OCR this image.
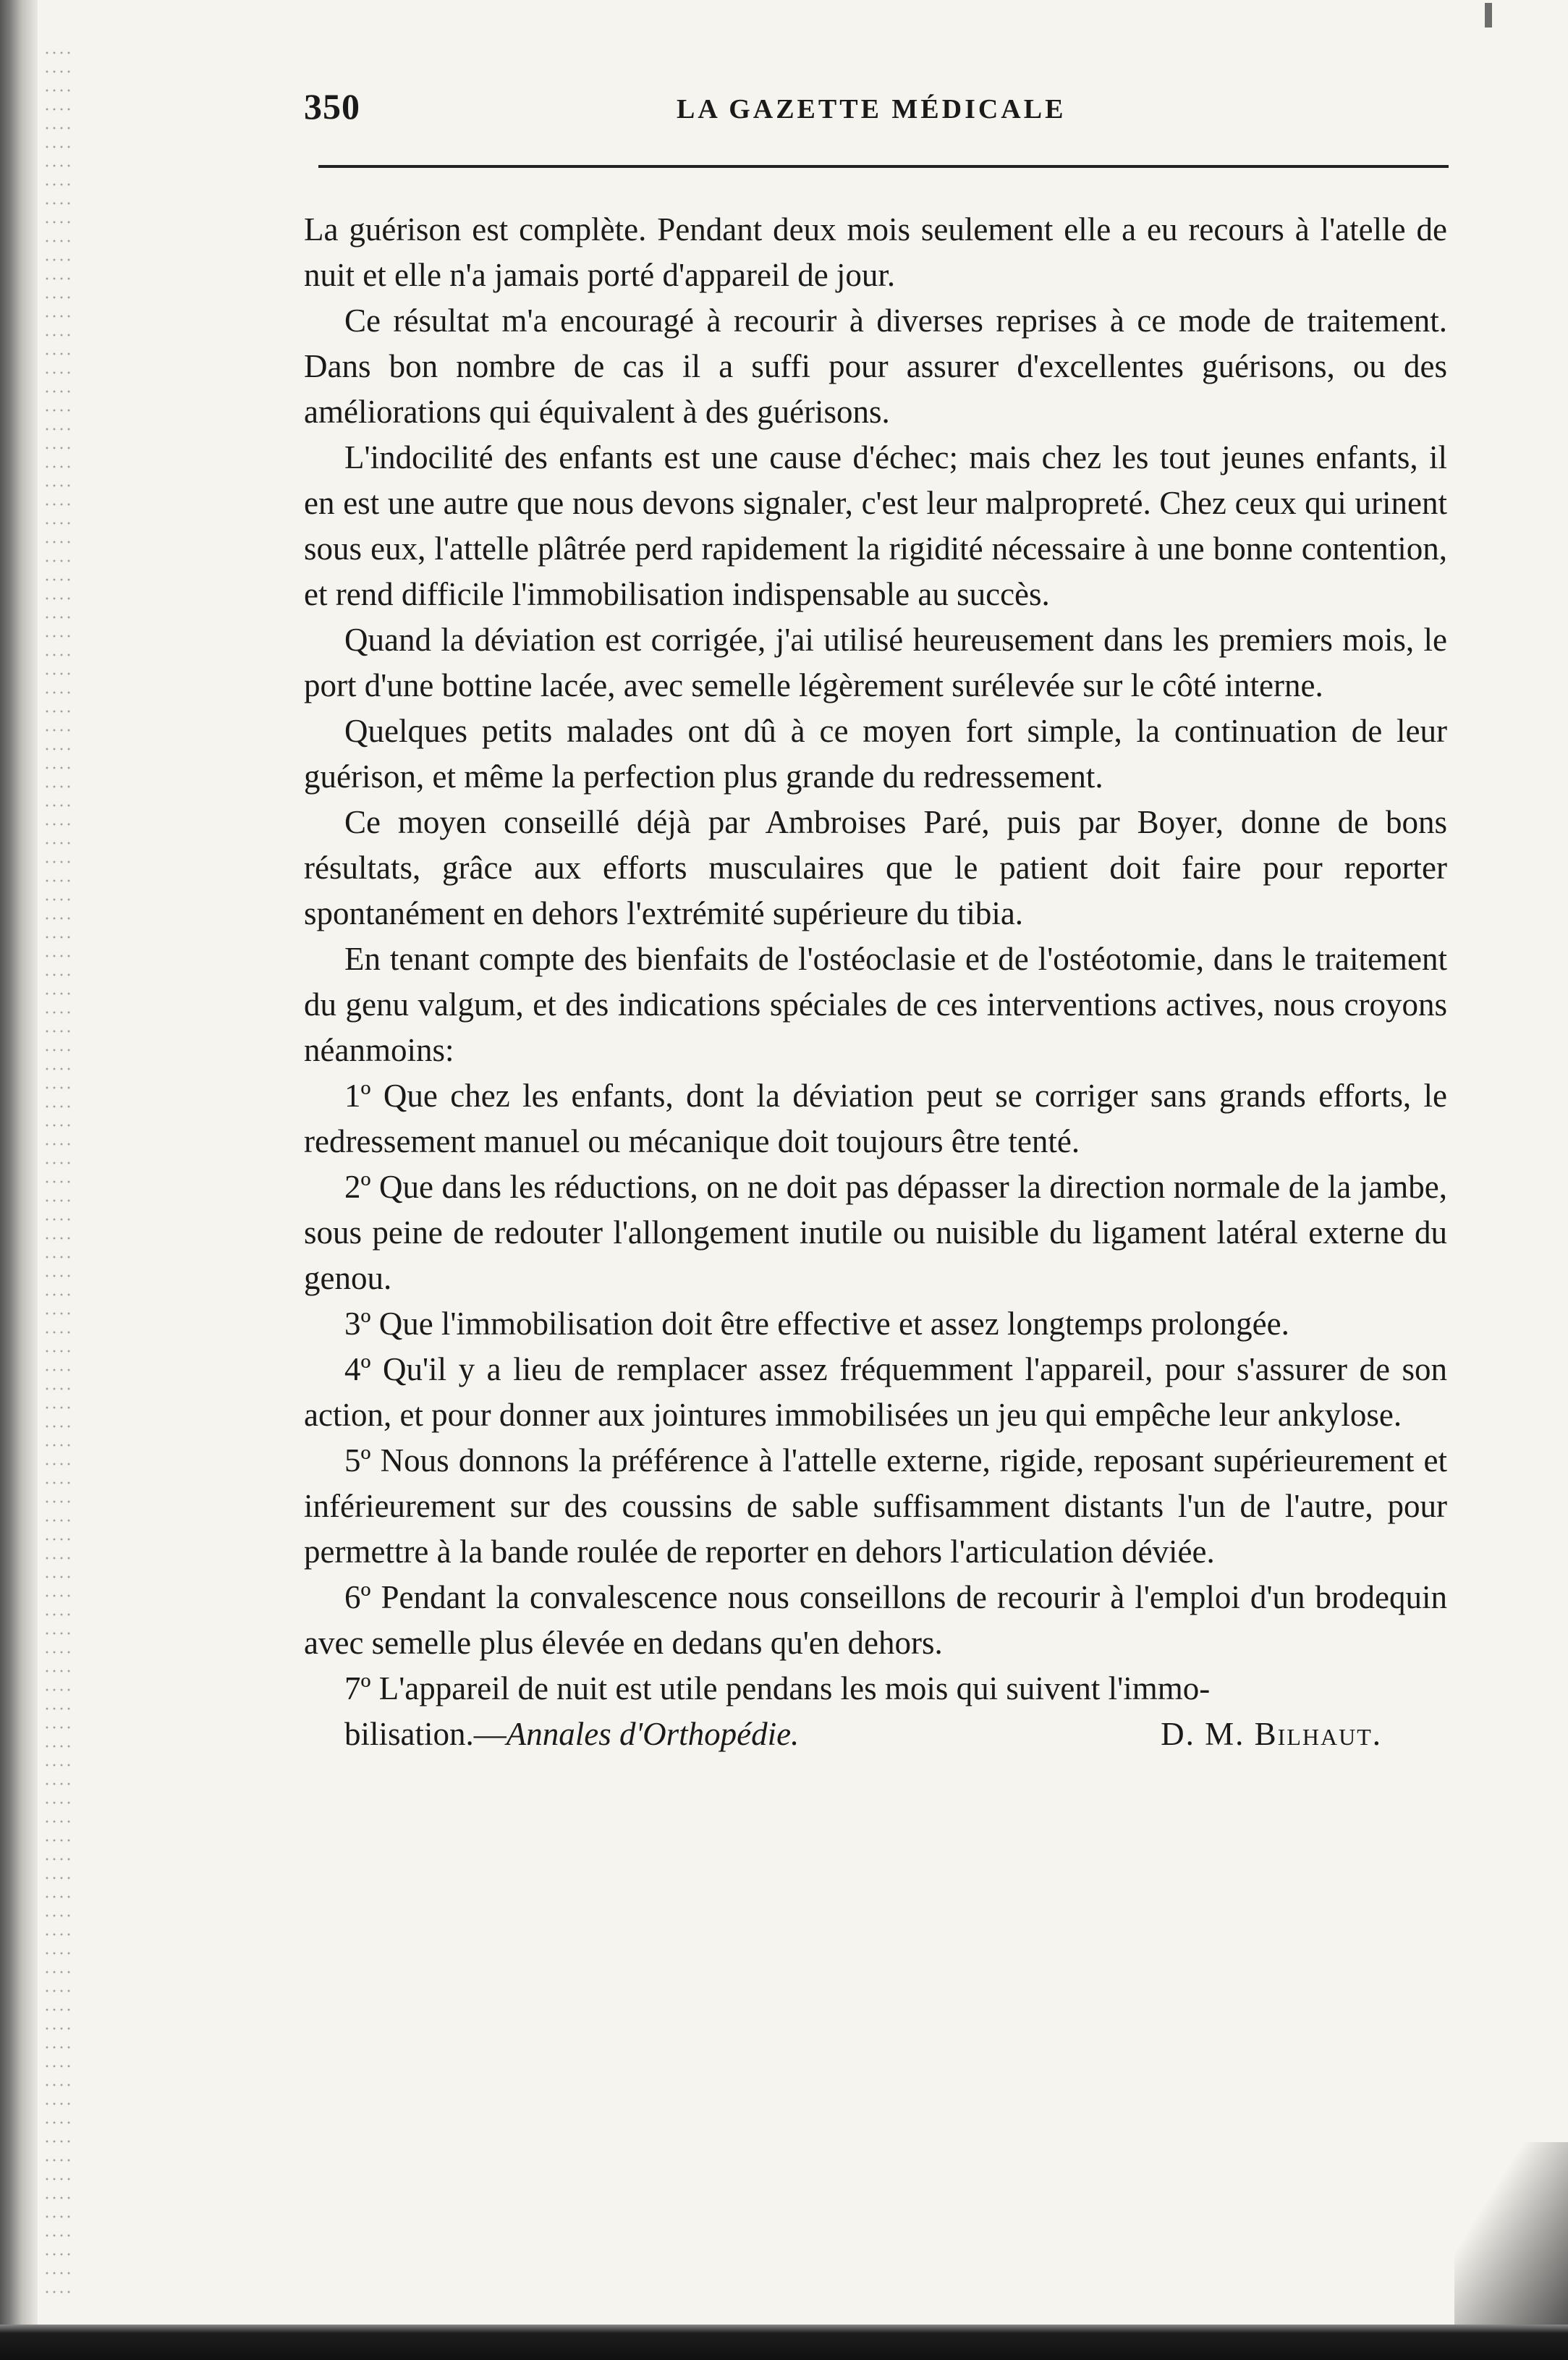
350	LA GAZETTE MÉDICALE

La guérison est complète. Pendant deux mois seulement elle a eu recours à l'atelle de nuit et elle n'a jamais porté d'appareil de jour.

Ce résultat m'a encouragé à recourir à diverses reprises à ce mode de traitement. Dans bon nombre de cas il a suffi pour assurer d'excellentes guérisons, ou des améliorations qui équivalent à des guérisons.

L'indocilité des enfants est une cause d'échec; mais chez les tout jeunes enfants, il en est une autre que nous devons signaler, c'est leur malpropreté. Chez ceux qui urinent sous eux, l'attelle plâtrée perd rapidement la rigidité nécessaire à une bonne contention, et rend difficile l'immobilisation indispensable au succès.

Quand la déviation est corrigée, j'ai utilisé heureusement dans les premiers mois, le port d'une bottine lacée, avec semelle légèrement surélevée sur le côté interne.

Quelques petits malades ont dû à ce moyen fort simple, la continuation de leur guérison, et même la perfection plus grande du redressement.

Ce moyen conseillé déjà par Ambroises Paré, puis par Boyer, donne de bons résultats, grâce aux efforts musculaires que le patient doit faire pour reporter spontanément en dehors l'extrémité supérieure du tibia.

En tenant compte des bienfaits de l'ostéoclasie et de l'ostéotomie, dans le traitement du genu valgum, et des indications spéciales de ces interventions actives, nous croyons néanmoins:

1º Que chez les enfants, dont la déviation peut se corriger sans grands efforts, le redressement manuel ou mécanique doit toujours être tenté.

2º Que dans les réductions, on ne doit pas dépasser la direction normale de la jambe, sous peine de redouter l'allongement inutile ou nuisible du ligament latéral externe du genou.

3º Que l'immobilisation doit être effective et assez longtemps prolongée.

4º Qu'il y a lieu de remplacer assez fréquemment l'appareil, pour s'assurer de son action, et pour donner aux jointures immobilisées un jeu qui empêche leur ankylose.

5º Nous donnons la préférence à l'attelle externe, rigide, reposant supérieurement et inférieurement sur des coussins de sable suffisamment distants l'un de l'autre, pour permettre à la bande roulée de reporter en dehors l'articulation déviée.

6º Pendant la convalescence nous conseillons de recourir à l'emploi d'un brodequin avec semelle plus élevée en dedans qu'en dehors.

7º L'appareil de nuit est utile pendans les mois qui suivent l'immo-

bilisation.—Annales d'Orthopédie.	D. M. Bilhaut.
